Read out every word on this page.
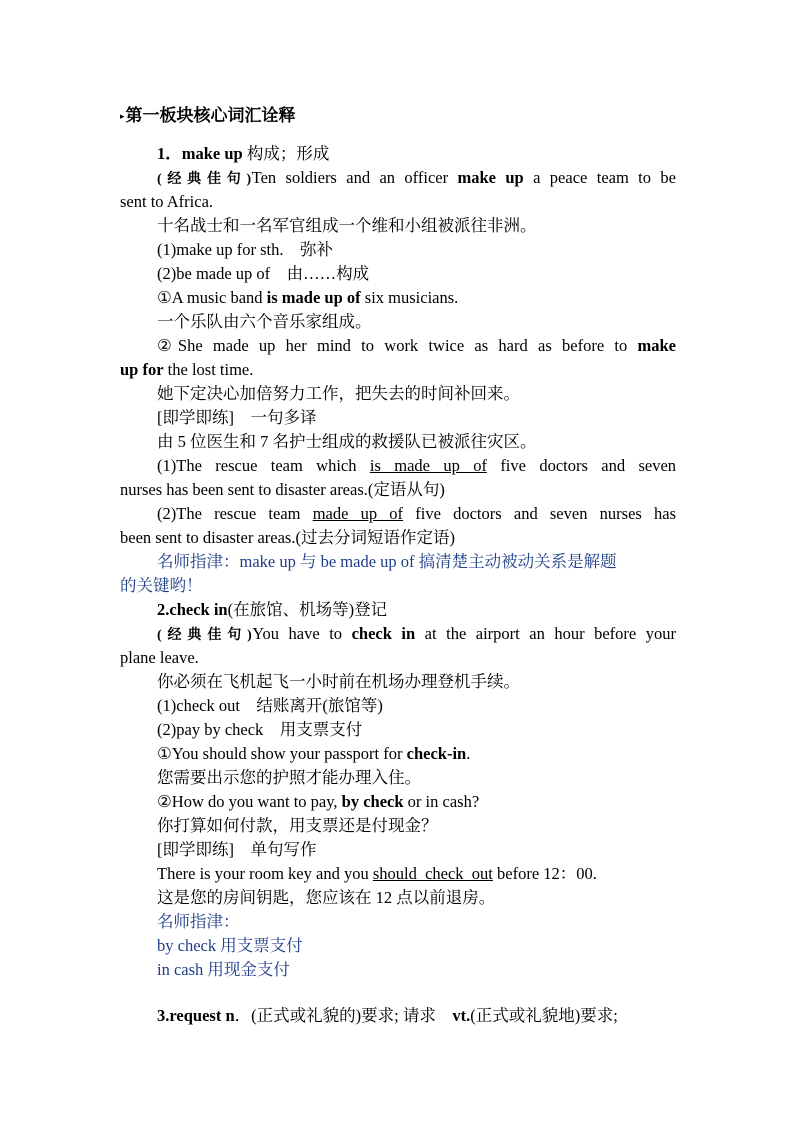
▸第一板块核心词汇诠释
1．make up 构成；形成
(经典佳句)Ten soldiers and an officer make up a peace team to be
sent to Africa.
十名战士和一名军官组成一个维和小组被派往非洲。
(1)make up for sth.　弥补
(2)be made up of　由……构成
①A music band is made up of six musicians.
一个乐队由六个音乐家组成。
②She made up her mind to work twice as hard as before to make
up for the lost time.
她下定决心加倍努力工作，把失去的时间补回来。
[即学即练]　一句多译
由 5 位医生和 7 名护士组成的救援队已被派往灾区。
(1)The rescue team which is made up of five doctors and seven
nurses has been sent to disaster areas.(定语从句)
(2)The rescue team made up of five doctors and seven nurses has
been sent to disaster areas.(过去分词短语作定语)
名师指津：make up 与 be made up of 搞清楚主动被动关系是解题
的关键哟！
2.check in(在旅馆、机场等)登记
(经典佳句)You have to check in at the airport an hour before your
plane leave.
你必须在飞机起飞一小时前在机场办理登机手续。
(1)check out　结账离开(旅馆等)
(2)pay by check　用支票支付
①You should show your passport for check-in.
您需要出示您的护照才能办理入住。
②How do you want to pay, by check or in cash?
你打算如何付款，用支票还是付现金？
[即学即练]　单句写作
There is your room key and you should  check  out before 12：00.
这是您的房间钥匙，您应该在 12 点以前退房。
名师指津：
by check 用支票支付
in cash 用现金支付
3.request n．(正式或礼貌的)要求; 请求　vt.(正式或礼貌地)要求;
